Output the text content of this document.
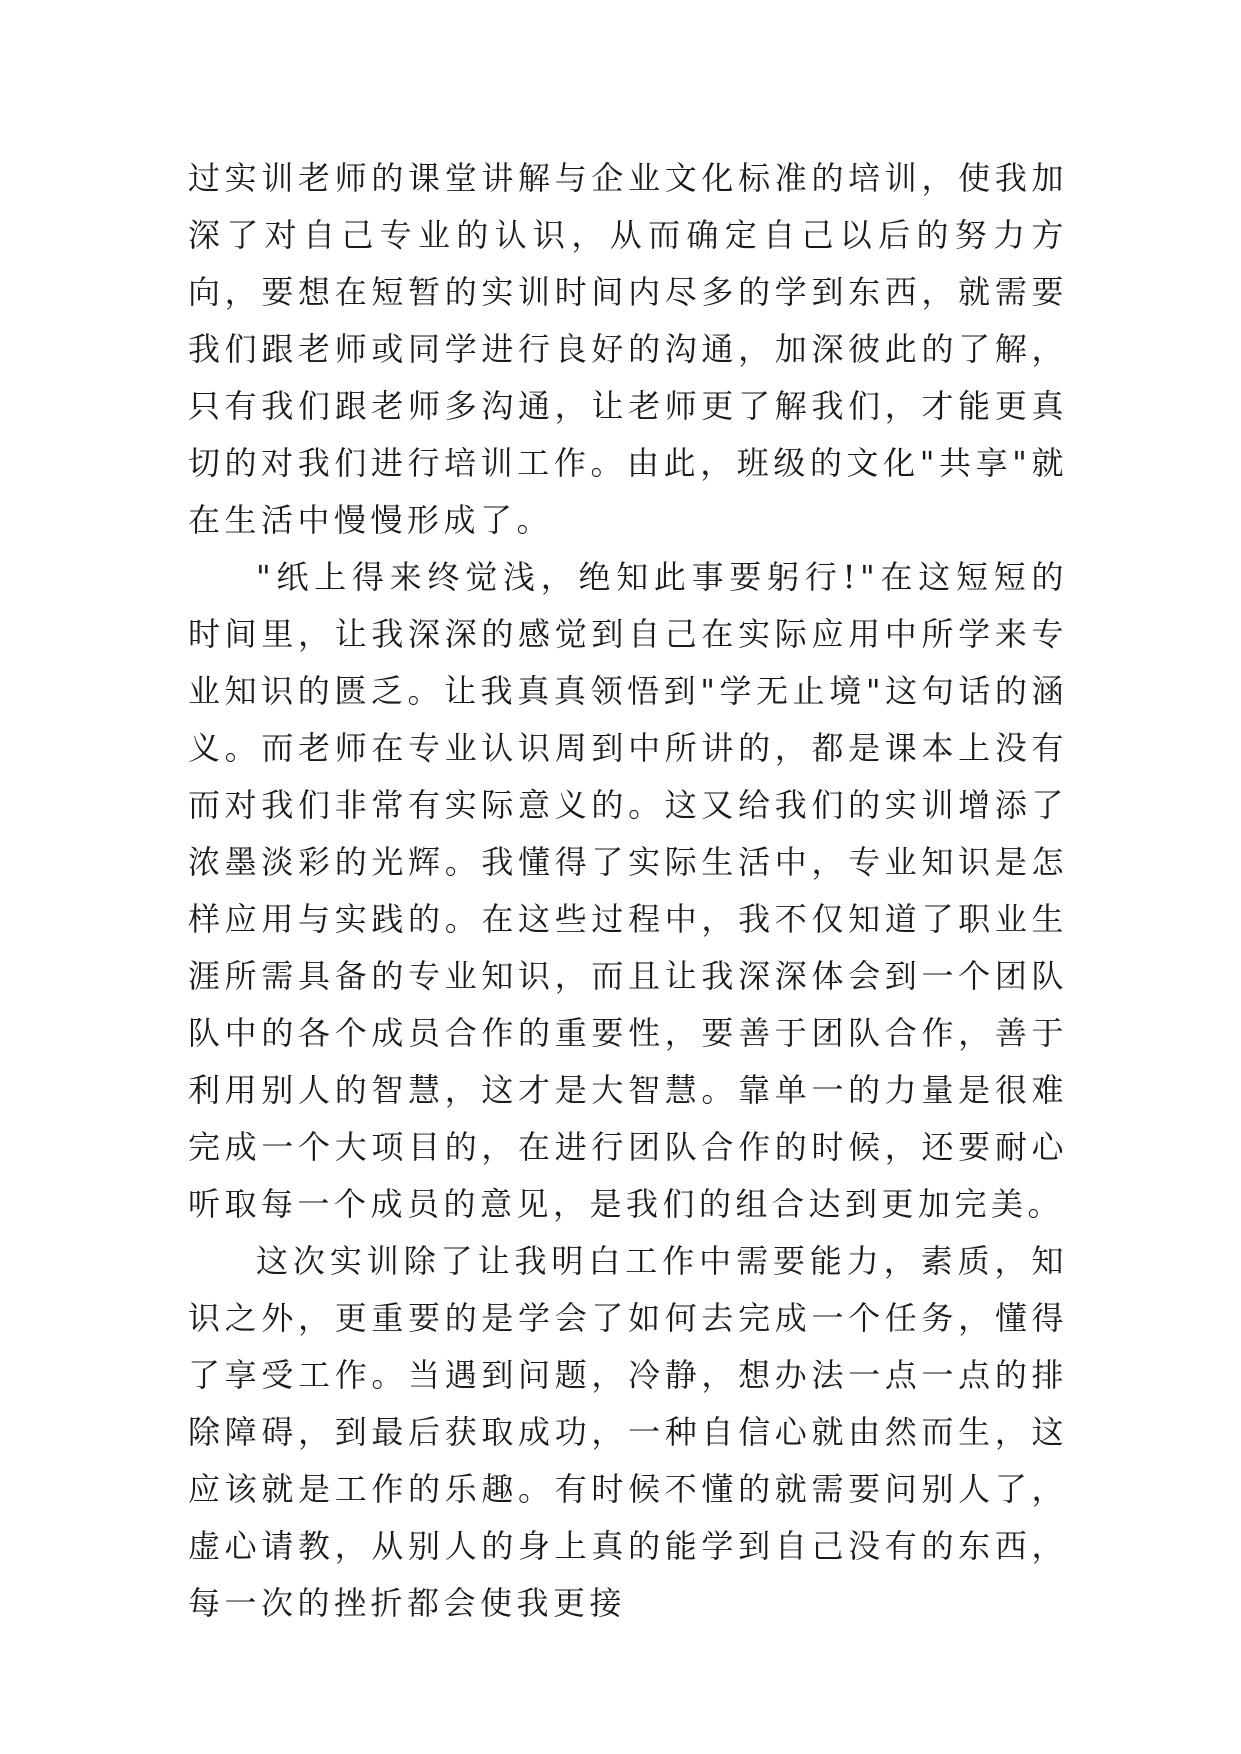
过实训老师的课堂讲解与企业文化标准的培训，使我加深了对自己专业的认识，从而确定自己以后的努力方向，要想在短暂的实训时间内尽多的学到东西，就需要我们跟老师或同学进行良好的沟通，加深彼此的了解，只有我们跟老师多沟通，让老师更了解我们，才能更真切的对我们进行培训工作。由此，班级的文化"共享"就在生活中慢慢形成了。

"纸上得来终觉浅，绝知此事要躬行!"在这短短的时间里，让我深深的感觉到自己在实际应用中所学来专业知识的匮乏。让我真真领悟到"学无止境"这句话的涵义。而老师在专业认识周到中所讲的，都是课本上没有而对我们非常有实际意义的。这又给我们的实训增添了浓墨淡彩的光辉。我懂得了实际生活中，专业知识是怎样应用与实践的。在这些过程中，我不仅知道了职业生涯所需具备的专业知识，而且让我深深体会到一个团队队中的各个成员合作的重要性，要善于团队合作，善于利用别人的智慧，这才是大智慧。靠单一的力量是很难完成一个大项目的，在进行团队合作的时候，还要耐心听取每一个成员的意见，是我们的组合达到更加完美。

这次实训除了让我明白工作中需要能力，素质，知识之外，更重要的是学会了如何去完成一个任务，懂得了享受工作。当遇到问题，冷静，想办法一点一点的排除障碍，到最后获取成功，一种自信心就由然而生，这应该就是工作的乐趣。有时候不懂的就需要问别人了，虚心请教，从别人的身上真的能学到自己没有的东西，每一次的挫折都会使我更接
